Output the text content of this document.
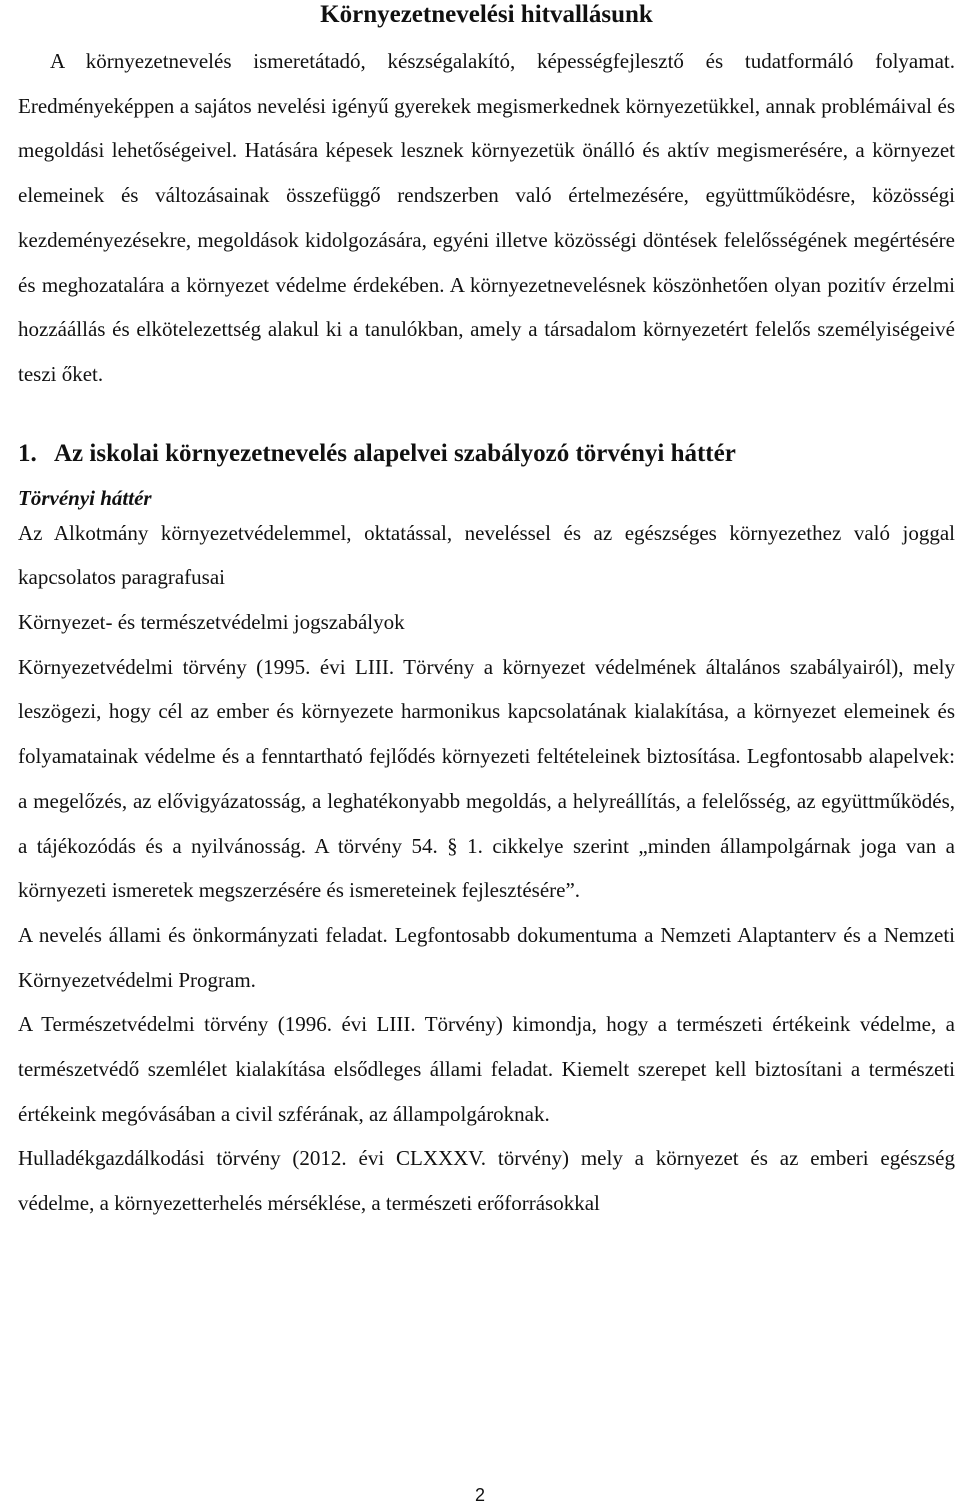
Környezetnevelési hitvallásunk

A környezetnevelés ismeretátadó, készségalakító, képességfejlesztő és tudatformáló folyamat. Eredményeképpen a sajátos nevelési igényű gyerekek megismerkednek környezetükkel, annak problémáival és megoldási lehetőségeivel. Hatására képesek lesznek környezetük önálló és aktív megismerésére, a környezet elemeinek és változásainak összefüggő rendszerben való értelmezésére, együttműködésre, közösségi kezdeményezésekre, megoldások kidolgozására, egyéni illetve közösségi döntések felelősségének megértésére és meghozatalára a környezet védelme érdekében. A környezetnevelésnek köszönhetően olyan pozitív érzelmi hozzáállás és elkötelezettség alakul ki a tanulókban, amely a társadalom környezetért felelős személyiségeivé teszi őket.

1. Az iskolai környezetnevelés alapelvei szabályozó törvényi háttér

Törvényi háttér

Az Alkotmány környezetvédelemmel, oktatással, neveléssel és az egészséges környezethez való joggal kapcsolatos paragrafusai

Környezet- és természetvédelmi jogszabályok

Környezetvédelmi törvény (1995. évi LIII. Törvény a környezet védelmének általános szabályairól), mely leszögezi, hogy cél az ember és környezete harmonikus kapcsolatának kialakítása, a környezet elemeinek és folyamatainak védelme és a fenntartható fejlődés környezeti feltételeinek biztosítása. Legfontosabb alapelvek: a megelőzés, az elővigyázatosság, a leghatékonyabb megoldás, a helyreállítás, a felelősség, az együttműködés, a tájékozódás és a nyilvánosság. A törvény 54. § 1. cikkelye szerint „minden állampolgárnak joga van a környezeti ismeretek megszerzésére és ismereteinek fejlesztésére”.

A nevelés állami és önkormányzati feladat. Legfontosabb dokumentuma a Nemzeti Alaptanterv és a Nemzeti Környezetvédelmi Program.

A Természetvédelmi törvény (1996. évi LIII. Törvény) kimondja, hogy a természeti értékeink védelme, a természetvédő szemlélet kialakítása elsődleges állami feladat. Kiemelt szerepet kell biztosítani a természeti értékeink megóvásában a civil szférának, az állampolgároknak.

Hulladékgazdálkodási törvény (2012. évi CLXXXV. törvény) mely a környezet és az emberi egészség védelme, a környezetterhelés mérséklése, a természeti erőforrásokkal

2
